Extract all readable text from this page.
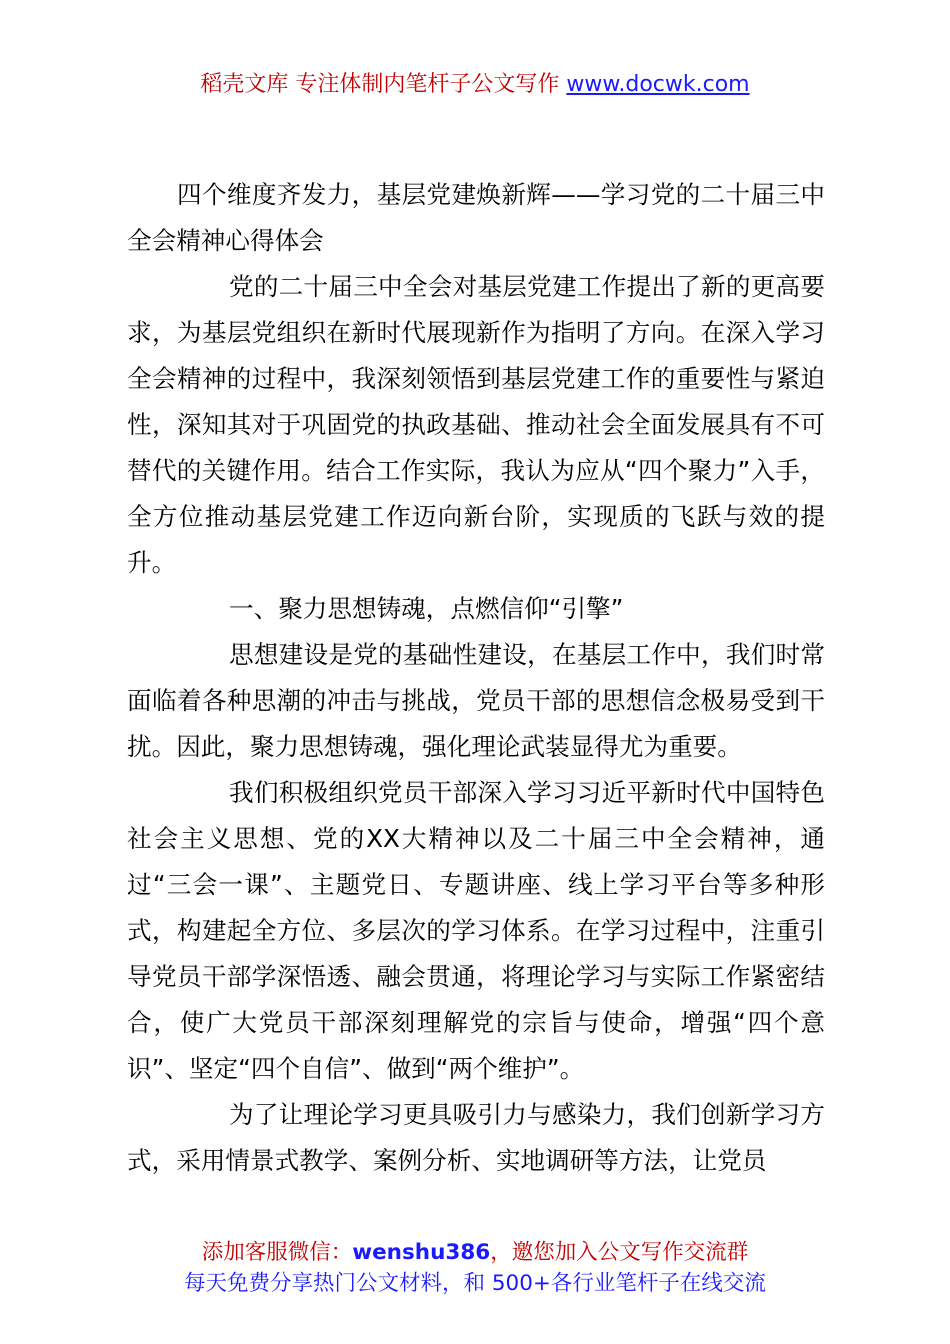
稻壳文库 专注体制内笔杆子公文写作 www.docwk.com

四个维度齐发力，基层党建焕新辉——学习党的二十届三中全会精神心得体会

党的二十届三中全会对基层党建工作提出了新的更高要求，为基层党组织在新时代展现新作为指明了方向。在深入学习全会精神的过程中，我深刻领悟到基层党建工作的重要性与紧迫性，深知其对于巩固党的执政基础、推动社会全面发展具有不可替代的关键作用。结合工作实际，我认为应从“四个聚力”入手，全方位推动基层党建工作迈向新台阶，实现质的飞跃与效的提升。

一、聚力思想铸魂，点燃信仰“引擎”

思想建设是党的基础性建设，在基层工作中，我们时常面临着各种思潮的冲击与挑战，党员干部的思想信念极易受到干扰。因此，聚力思想铸魂，强化理论武装显得尤为重要。

我们积极组织党员干部深入学习习近平新时代中国特色社会主义思想、党的XX大精神以及二十届三中全会精神，通过“三会一课”、主题党日、专题讲座、线上学习平台等多种形式，构建起全方位、多层次的学习体系。在学习过程中，注重引导党员干部学深悟透、融会贯通，将理论学习与实际工作紧密结合，使广大党员干部深刻理解党的宗旨与使命，增强“四个意识”、坚定“四个自信”、做到“两个维护”。

为了让理论学习更具吸引力与感染力，我们创新学习方式，采用情景式教学、案例分析、实地调研等方法，让党员

添加客服微信：wenshu386，邀您加入公文写作交流群
每天免费分享热门公文材料，和 500+各行业笔杆子在线交流
